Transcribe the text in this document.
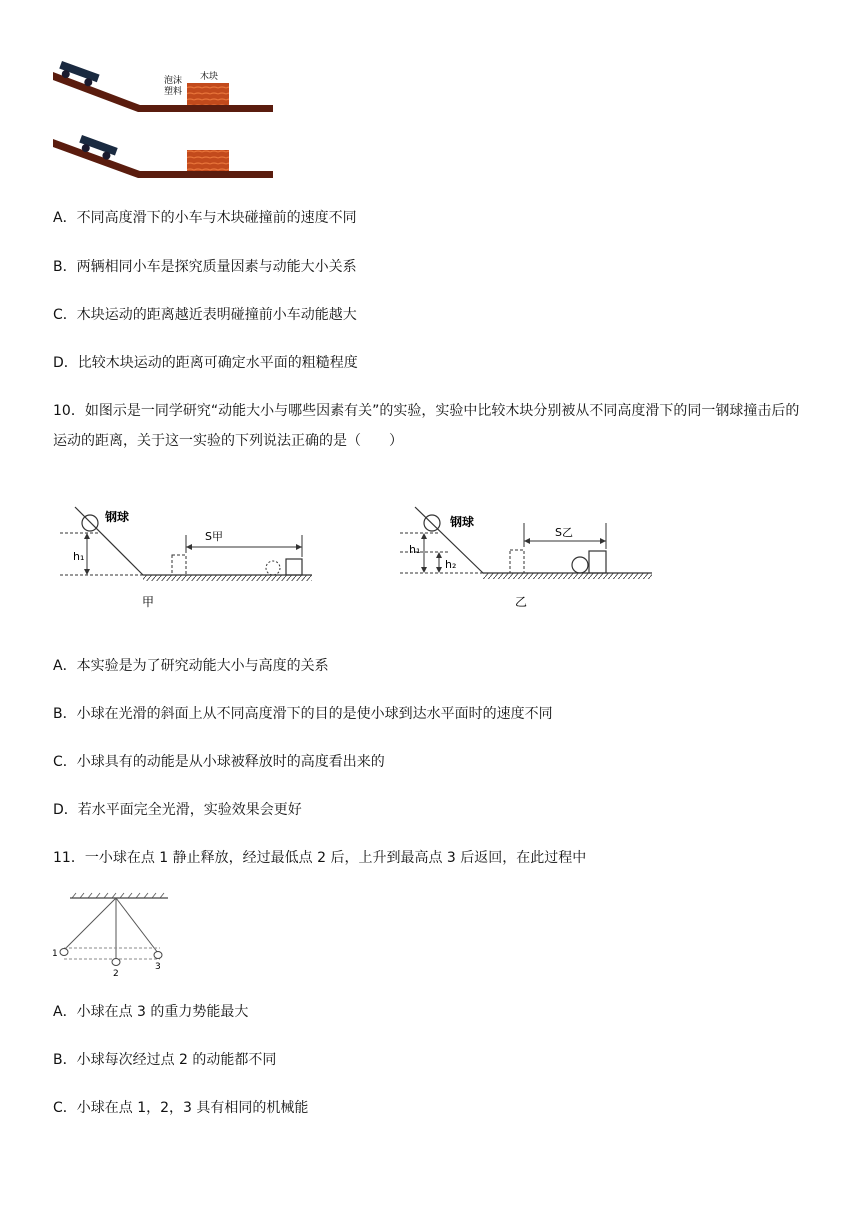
泡沫
塑料
木块
A．不同高度滑下的小车与木块碰撞前的速度不同
B．两辆相同小车是探究质量因素与动能大小关系
C．木块运动的距离越近表明碰撞前小车动能越大
D．比较木块运动的距离可确定水平面的粗糙程度
10．如图示是一同学研究“动能大小与哪些因素有关”的实验，实验中比较木块分别被从不同高度滑下的同一钢球撞击后的运动的距离，关于这一实验的下列说法正确的是（　　）
钢球
h₁
S甲
甲
钢球
h₁
h₂
S乙
乙
A．本实验是为了研究动能大小与高度的关系
B．小球在光滑的斜面上从不同高度滑下的目的是使小球到达水平面时的速度不同
C．小球具有的动能是从小球被释放时的高度看出来的
D．若水平面完全光滑，实验效果会更好
11．一小球在点 1 静止释放，经过最低点 2 后，上升到最高点 3 后返回，在此过程中
1
2
3
A．小球在点 3 的重力势能最大
B．小球每次经过点 2 的动能都不同
C．小球在点 1，2，3 具有相同的机械能
